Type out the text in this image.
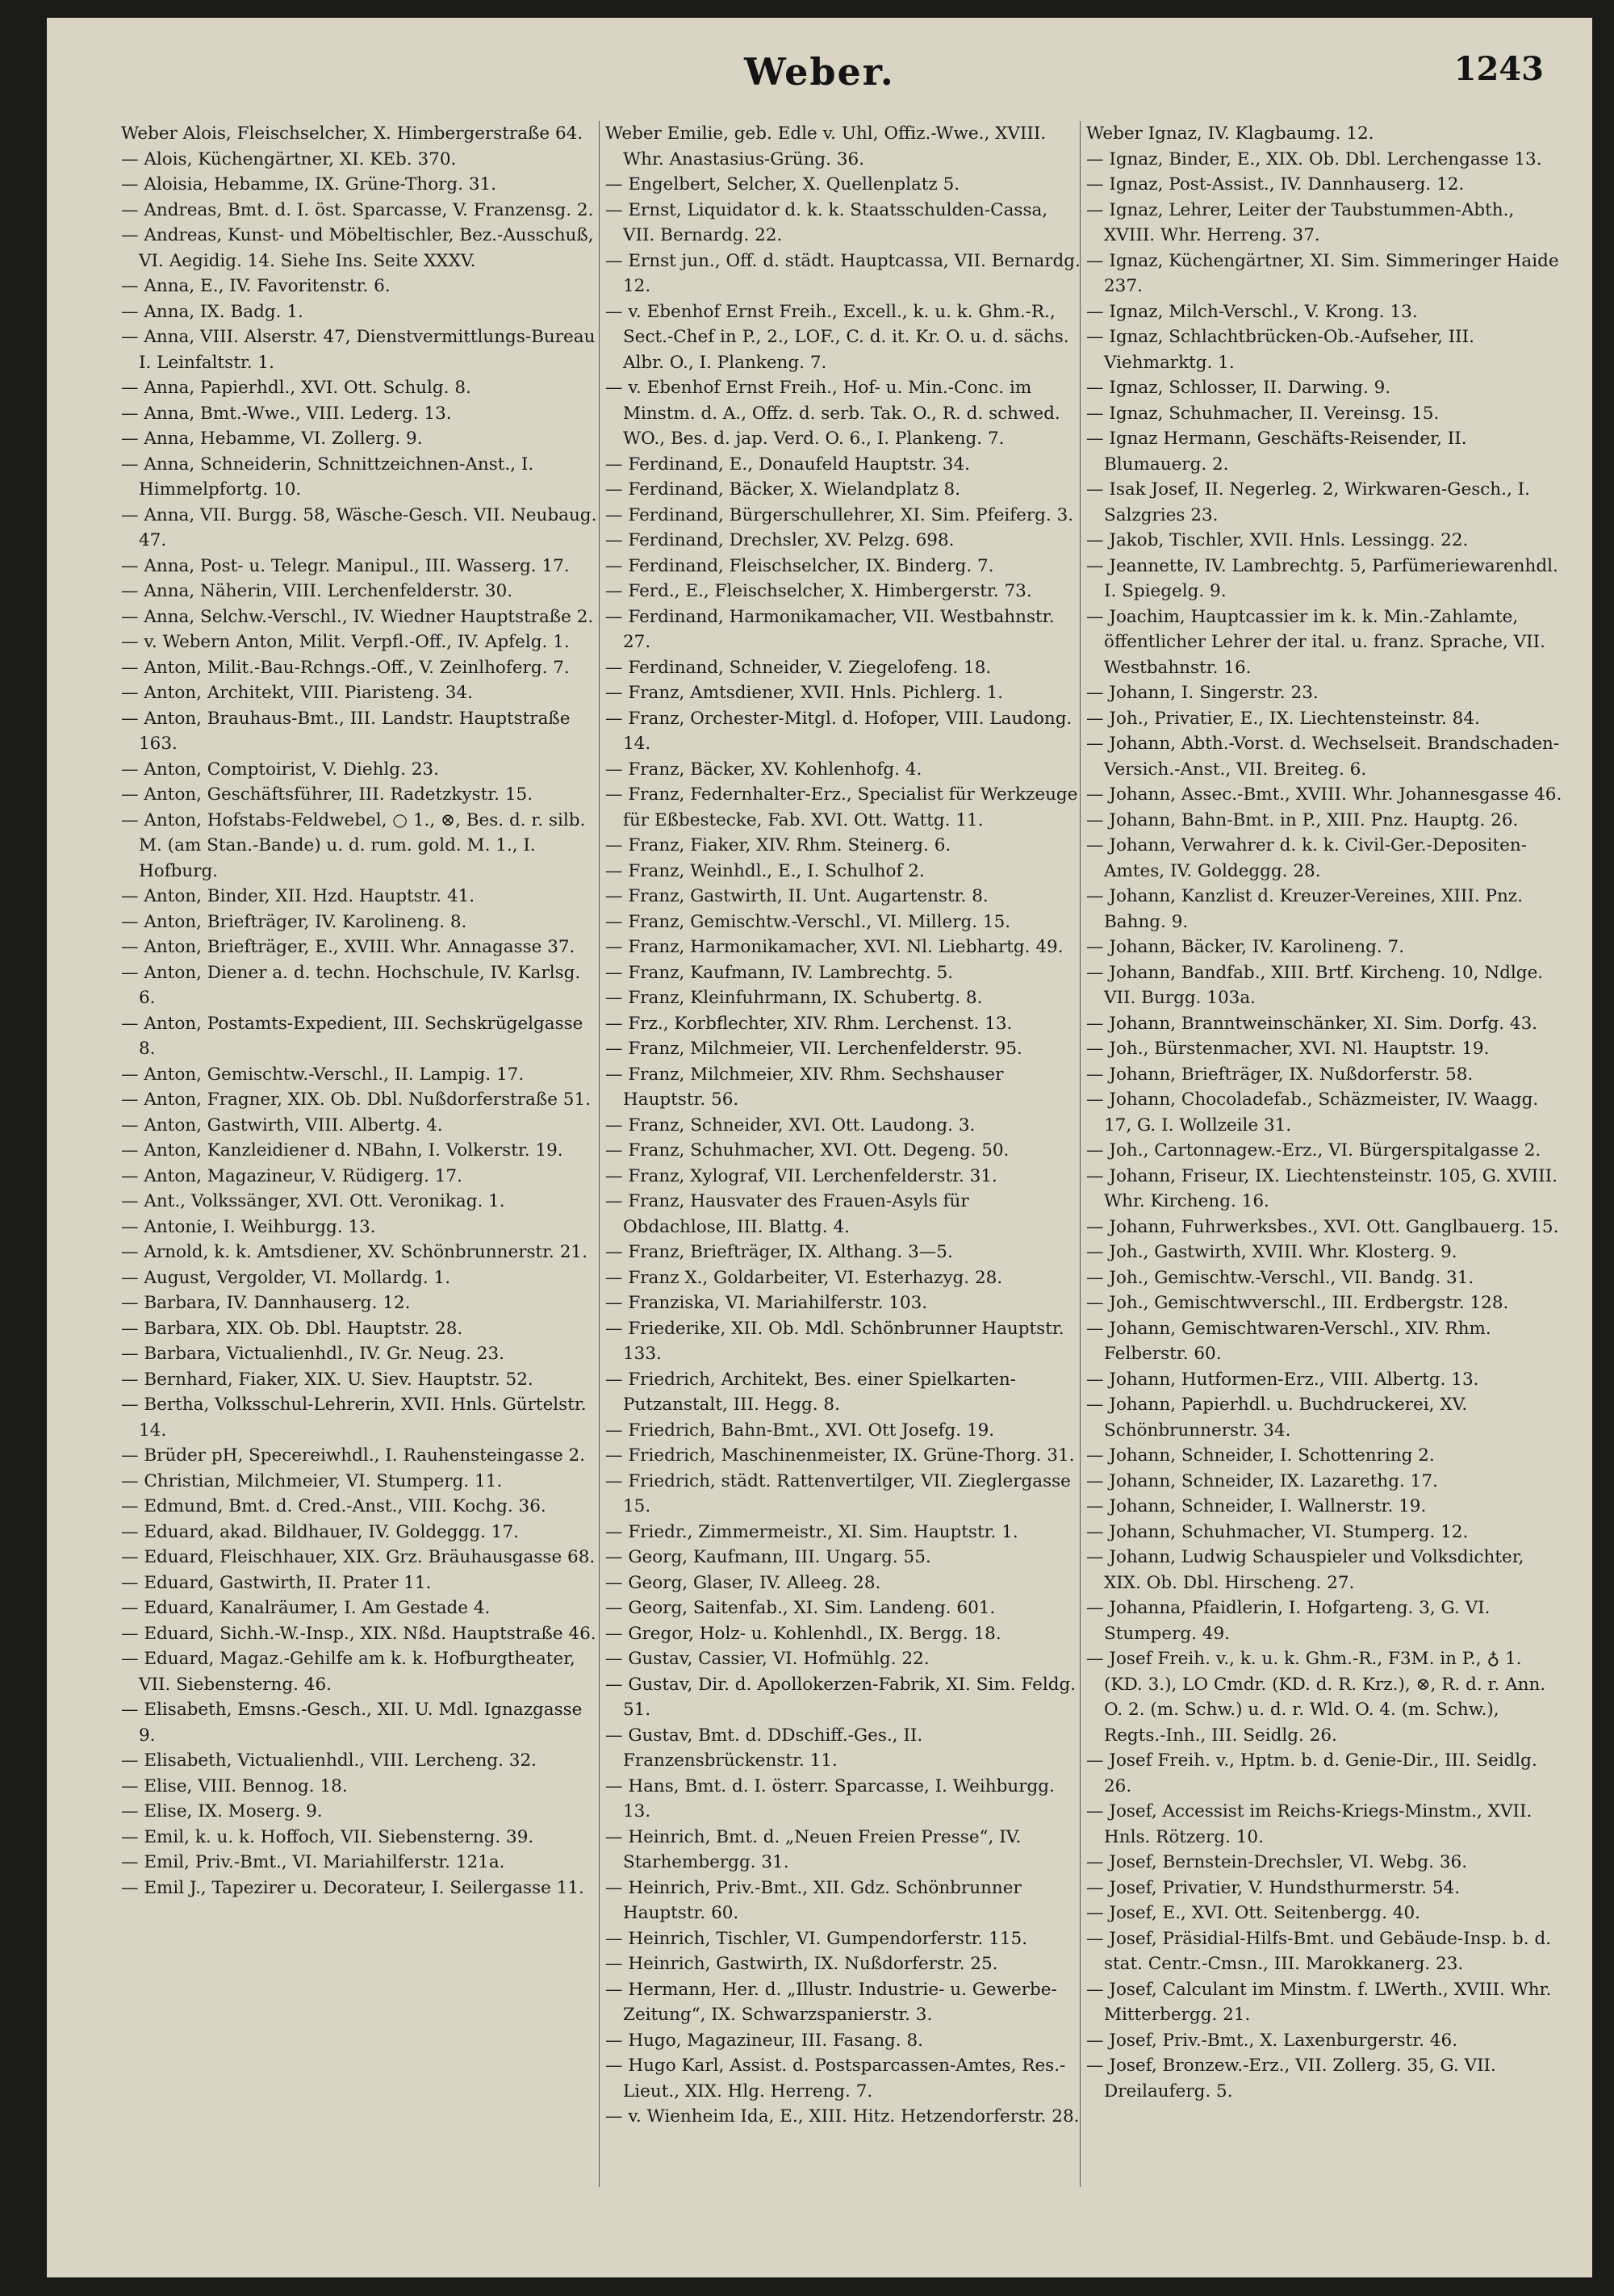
Weber.	1243

Weber Alois, Fleischselcher, X. Himbergerstraße 64.

— Alois, Küchengärtner, XI. KEb. 370.

— Aloisia, Hebamme, IX. Grüne-Thorg. 31.

— Andreas, Bmt. d. I. öst. Sparcasse, V. Franzensg. 2.

— Andreas, Kunst- und Möbeltischler, Bez.-Ausschuß, VI. Aegidig. 14. Siehe Ins. Seite XXXV.

— Anna, E., IV. Favoritenstr. 6.

— Anna, IX. Badg. 1.

— Anna, VIII. Alserstr. 47, Dienstvermittlungs-Bureau I. Leinfaltstr. 1.

— Anna, Papierhdl., XVI. Ott. Schulg. 8.

— Anna, Bmt.-Wwe., VIII. Lederg. 13.

— Anna, Hebamme, VI. Zollerg. 9.

— Anna, Schneiderin, Schnittzeichnen-Anst., I. Himmelpfortg. 10.

— Anna, VII. Burgg. 58, Wäsche-Gesch. VII. Neubaug. 47.

— Anna, Post- u. Telegr. Manipul., III. Wasserg. 17.

— Anna, Näherin, VIII. Lerchenfelderstr. 30.

— Anna, Selchw.-Verschl., IV. Wiedner Hauptstraße 2.

— v. Webern Anton, Milit. Verpfl.-Off., IV. Apfelg. 1.

— Anton, Milit.-Bau-Rchngs.-Off., V. Zeinlhoferg. 7.

— Anton, Architekt, VIII. Piaristeng. 34.

— Anton, Brauhaus-Bmt., III. Landstr. Hauptstraße 163.

— Anton, Comptoirist, V. Diehlg. 23.

— Anton, Geschäftsführer, III. Radetzkystr. 15.

— Anton, Hofstabs-Feldwebel, ○ 1., ⊗, Bes. d. r. silb. M. (am Stan.-Bande) u. d. rum. gold. M. 1., I. Hofburg.

— Anton, Binder, XII. Hzd. Hauptstr. 41.

— Anton, Briefträger, IV. Karolineng. 8.

— Anton, Briefträger, E., XVIII. Whr. Annagasse 37.

— Anton, Diener a. d. techn. Hochschule, IV. Karlsg. 6.

— Anton, Postamts-Expedient, III. Sechskrügelgasse 8.

— Anton, Gemischtw.-Verschl., II. Lampig. 17.

— Anton, Fragner, XIX. Ob. Dbl. Nußdorferstraße 51.

— Anton, Gastwirth, VIII. Albertg. 4.

— Anton, Kanzleidiener d. NBahn, I. Volkerstr. 19.

— Anton, Magazineur, V. Rüdigerg. 17.

— Ant., Volkssänger, XVI. Ott. Veronikag. 1.

— Antonie, I. Weihburgg. 13.

— Arnold, k. k. Amtsdiener, XV. Schönbrunnerstr. 21.

— August, Vergolder, VI. Mollardg. 1.

— Barbara, IV. Dannhauserg. 12.

— Barbara, XIX. Ob. Dbl. Hauptstr. 28.

— Barbara, Victualienhdl., IV. Gr. Neug. 23.

— Bernhard, Fiaker, XIX. U. Siev. Hauptstr. 52.

— Bertha, Volksschul-Lehrerin, XVII. Hnls. Gürtelstr. 14.

— Brüder pH, Specereiwhdl., I. Rauhensteingasse 2.

— Christian, Milchmeier, VI. Stumperg. 11.

— Edmund, Bmt. d. Cred.-Anst., VIII. Kochg. 36.

— Eduard, akad. Bildhauer, IV. Goldeggg. 17.

— Eduard, Fleischhauer, XIX. Grz. Bräuhausgasse 68.

— Eduard, Gastwirth, II. Prater 11.

— Eduard, Kanalräumer, I. Am Gestade 4.

— Eduard, Sichh.-W.-Insp., XIX. Nßd. Hauptstraße 46.

— Eduard, Magaz.-Gehilfe am k. k. Hofburgtheater, VII. Siebensterng. 46.

— Elisabeth, Emsns.-Gesch., XII. U. Mdl. Ignazgasse 9.

— Elisabeth, Victualienhdl., VIII. Lercheng. 32.

— Elise, VIII. Bennog. 18.

— Elise, IX. Moserg. 9.

— Emil, k. u. k. Hoffoch, VII. Siebensterng. 39.

— Emil, Priv.-Bmt., VI. Mariahilferstr. 121a.

— Emil J., Tapezirer u. Decorateur, I. Seilergasse 11.

Weber Emilie, geb. Edle v. Uhl, Offiz.-Wwe., XVIII. Whr. Anastasius-Grüng. 36.

— Engelbert, Selcher, X. Quellenplatz 5.

— Ernst, Liquidator d. k. k. Staatsschulden-Cassa, VII. Bernardg. 22.

— Ernst jun., Off. d. städt. Hauptcassa, VII. Bernardg. 12.

— v. Ebenhof Ernst Freih., Excell., k. u. k. Ghm.-R., Sect.-Chef in P., 2., LOF., C. d. it. Kr. O. u. d. sächs. Albr. O., I. Plankeng. 7.

— v. Ebenhof Ernst Freih., Hof- u. Min.-Conc. im Minstm. d. A., Offz. d. serb. Tak. O., R. d. schwed. WO., Bes. d. jap. Verd. O. 6., I. Plankeng. 7.

— Ferdinand, E., Donaufeld Hauptstr. 34.

— Ferdinand, Bäcker, X. Wielandplatz 8.

— Ferdinand, Bürgerschullehrer, XI. Sim. Pfeiferg. 3.

— Ferdinand, Drechsler, XV. Pelzg. 698.

— Ferdinand, Fleischselcher, IX. Binderg. 7.

— Ferd., E., Fleischselcher, X. Himbergerstr. 73.

— Ferdinand, Harmonikamacher, VII. Westbahnstr. 27.

— Ferdinand, Schneider, V. Ziegelofeng. 18.

— Franz, Amtsdiener, XVII. Hnls. Pichlerg. 1.

— Franz, Orchester-Mitgl. d. Hofoper, VIII. Laudong. 14.

— Franz, Bäcker, XV. Kohlenhofg. 4.

— Franz, Federnhalter-Erz., Specialist für Werkzeuge für Eßbestecke, Fab. XVI. Ott. Wattg. 11.

— Franz, Fiaker, XIV. Rhm. Steinerg. 6.

— Franz, Weinhdl., E., I. Schulhof 2.

— Franz, Gastwirth, II. Unt. Augartenstr. 8.

— Franz, Gemischtw.-Verschl., VI. Millerg. 15.

— Franz, Harmonikamacher, XVI. Nl. Liebhartg. 49.

— Franz, Kaufmann, IV. Lambrechtg. 5.

— Franz, Kleinfuhrmann, IX. Schubertg. 8.

— Frz., Korbflechter, XIV. Rhm. Lerchenst. 13.

— Franz, Milchmeier, VII. Lerchenfelderstr. 95.

— Franz, Milchmeier, XIV. Rhm. Sechshauser Hauptstr. 56.

— Franz, Schneider, XVI. Ott. Laudong. 3.

— Franz, Schuhmacher, XVI. Ott. Degeng. 50.

— Franz, Xylograf, VII. Lerchenfelderstr. 31.

— Franz, Hausvater des Frauen-Asyls für Obdachlose, III. Blattg. 4.

— Franz, Briefträger, IX. Althang. 3—5.

— Franz X., Goldarbeiter, VI. Esterhazyg. 28.

— Franziska, VI. Mariahilferstr. 103.

— Friederike, XII. Ob. Mdl. Schönbrunner Hauptstr. 133.

— Friedrich, Architekt, Bes. einer Spielkarten-Putzanstalt, III. Hegg. 8.

— Friedrich, Bahn-Bmt., XVI. Ott Josefg. 19.

— Friedrich, Maschinenmeister, IX. Grüne-Thorg. 31.

— Friedrich, städt. Rattenvertilger, VII. Zieglergasse 15.

— Friedr., Zimmermeistr., XI. Sim. Hauptstr. 1.

— Georg, Kaufmann, III. Ungarg. 55.

— Georg, Glaser, IV. Alleeg. 28.

— Georg, Saitenfab., XI. Sim. Landeng. 601.

— Gregor, Holz- u. Kohlenhdl., IX. Bergg. 18.

— Gustav, Cassier, VI. Hofmühlg. 22.

— Gustav, Dir. d. Apollokerzen-Fabrik, XI. Sim. Feldg. 51.

— Gustav, Bmt. d. DDschiff.-Ges., II. Franzensbrückenstr. 11.

— Hans, Bmt. d. I. österr. Sparcasse, I. Weihburgg. 13.

— Heinrich, Bmt. d. „Neuen Freien Presse“, IV. Starhembergg. 31.

— Heinrich, Priv.-Bmt., XII. Gdz. Schönbrunner Hauptstr. 60.

— Heinrich, Tischler, VI. Gumpendorferstr. 115.

— Heinrich, Gastwirth, IX. Nußdorferstr. 25.

— Hermann, Her. d. „Illustr. Industrie- u. Gewerbe-Zeitung“, IX. Schwarzspanierstr. 3.

— Hugo, Magazineur, III. Fasang. 8.

— Hugo Karl, Assist. d. Postsparcassen-Amtes, Res.-Lieut., XIX. Hlg. Herreng. 7.

— v. Wienheim Ida, E., XIII. Hitz. Hetzendorferstr. 28.

Weber Ignaz, IV. Klagbaumg. 12.

— Ignaz, Binder, E., XIX. Ob. Dbl. Lerchengasse 13.

— Ignaz, Post-Assist., IV. Dannhauserg. 12.

— Ignaz, Lehrer, Leiter der Taubstummen-Abth., XVIII. Whr. Herreng. 37.

— Ignaz, Küchengärtner, XI. Sim. Simmeringer Haide 237.

— Ignaz, Milch-Verschl., V. Krong. 13.

— Ignaz, Schlachtbrücken-Ob.-Aufseher, III. Viehmarktg. 1.

— Ignaz, Schlosser, II. Darwing. 9.

— Ignaz, Schuhmacher, II. Vereinsg. 15.

— Ignaz Hermann, Geschäfts-Reisender, II. Blumauerg. 2.

— Isak Josef, II. Negerleg. 2, Wirkwaren-Gesch., I. Salzgries 23.

— Jakob, Tischler, XVII. Hnls. Lessingg. 22.

— Jeannette, IV. Lambrechtg. 5, Parfümeriewarenhdl. I. Spiegelg. 9.

— Joachim, Hauptcassier im k. k. Min.-Zahlamte, öffentlicher Lehrer der ital. u. franz. Sprache, VII. Westbahnstr. 16.

— Johann, I. Singerstr. 23.

— Joh., Privatier, E., IX. Liechtensteinstr. 84.

— Johann, Abth.-Vorst. d. Wechselseit. Brandschaden-Versich.-Anst., VII. Breiteg. 6.

— Johann, Assec.-Bmt., XVIII. Whr. Johannesgasse 46.

— Johann, Bahn-Bmt. in P., XIII. Pnz. Hauptg. 26.

— Johann, Verwahrer d. k. k. Civil-Ger.-Depositen-Amtes, IV. Goldeggg. 28.

— Johann, Kanzlist d. Kreuzer-Vereines, XIII. Pnz. Bahng. 9.

— Johann, Bäcker, IV. Karolineng. 7.

— Johann, Bandfab., XIII. Brtf. Kircheng. 10, Ndlge. VII. Burgg. 103a.

— Johann, Branntweinschänker, XI. Sim. Dorfg. 43.

— Joh., Bürstenmacher, XVI. Nl. Hauptstr. 19.

— Johann, Briefträger, IX. Nußdorferstr. 58.

— Johann, Chocoladefab., Schäzmeister, IV. Waagg. 17, G. I. Wollzeile 31.

— Joh., Cartonnagew.-Erz., VI. Bürgerspitalgasse 2.

— Johann, Friseur, IX. Liechtensteinstr. 105, G. XVIII. Whr. Kircheng. 16.

— Johann, Fuhrwerksbes., XVI. Ott. Ganglbauerg. 15.

— Joh., Gastwirth, XVIII. Whr. Klosterg. 9.

— Joh., Gemischtw.-Verschl., VII. Bandg. 31.

— Joh., Gemischtwverschl., III. Erdbergstr. 128.

— Johann, Gemischtwaren-Verschl., XIV. Rhm. Felberstr. 60.

— Johann, Hutformen-Erz., VIII. Albertg. 13.

— Johann, Papierhdl. u. Buchdruckerei, XV. Schönbrunnerstr. 34.

— Johann, Schneider, I. Schottenring 2.

— Johann, Schneider, IX. Lazarethg. 17.

— Johann, Schneider, I. Wallnerstr. 19.

— Johann, Schuhmacher, VI. Stumperg. 12.

— Johann, Ludwig Schauspieler und Volksdichter, XIX. Ob. Dbl. Hirscheng. 27.

— Johanna, Pfaidlerin, I. Hofgarteng. 3, G. VI. Stumperg. 49.

— Josef Freih. v., k. u. k. Ghm.-R., F3M. in P., ♁ 1. (KD. 3.), LO Cmdr. (KD. d. R. Krz.), ⊗, R. d. r. Ann. O. 2. (m. Schw.) u. d. r. Wld. O. 4. (m. Schw.), Regts.-Inh., III. Seidlg. 26.

— Josef Freih. v., Hptm. b. d. Genie-Dir., III. Seidlg. 26.

— Josef, Accessist im Reichs-Kriegs-Minstm., XVII. Hnls. Rötzerg. 10.

— Josef, Bernstein-Drechsler, VI. Webg. 36.

— Josef, Privatier, V. Hundsthurmerstr. 54.

— Josef, E., XVI. Ott. Seitenbergg. 40.

— Josef, Präsidial-Hilfs-Bmt. und Gebäude-Insp. b. d. stat. Centr.-Cmsn., III. Marokkanerg. 23.

— Josef, Calculant im Minstm. f. LWerth., XVIII. Whr. Mitterbergg. 21.

— Josef, Priv.-Bmt., X. Laxenburgerstr. 46.

— Josef, Bronzew.-Erz., VII. Zollerg. 35, G. VII. Dreilauferg. 5.
